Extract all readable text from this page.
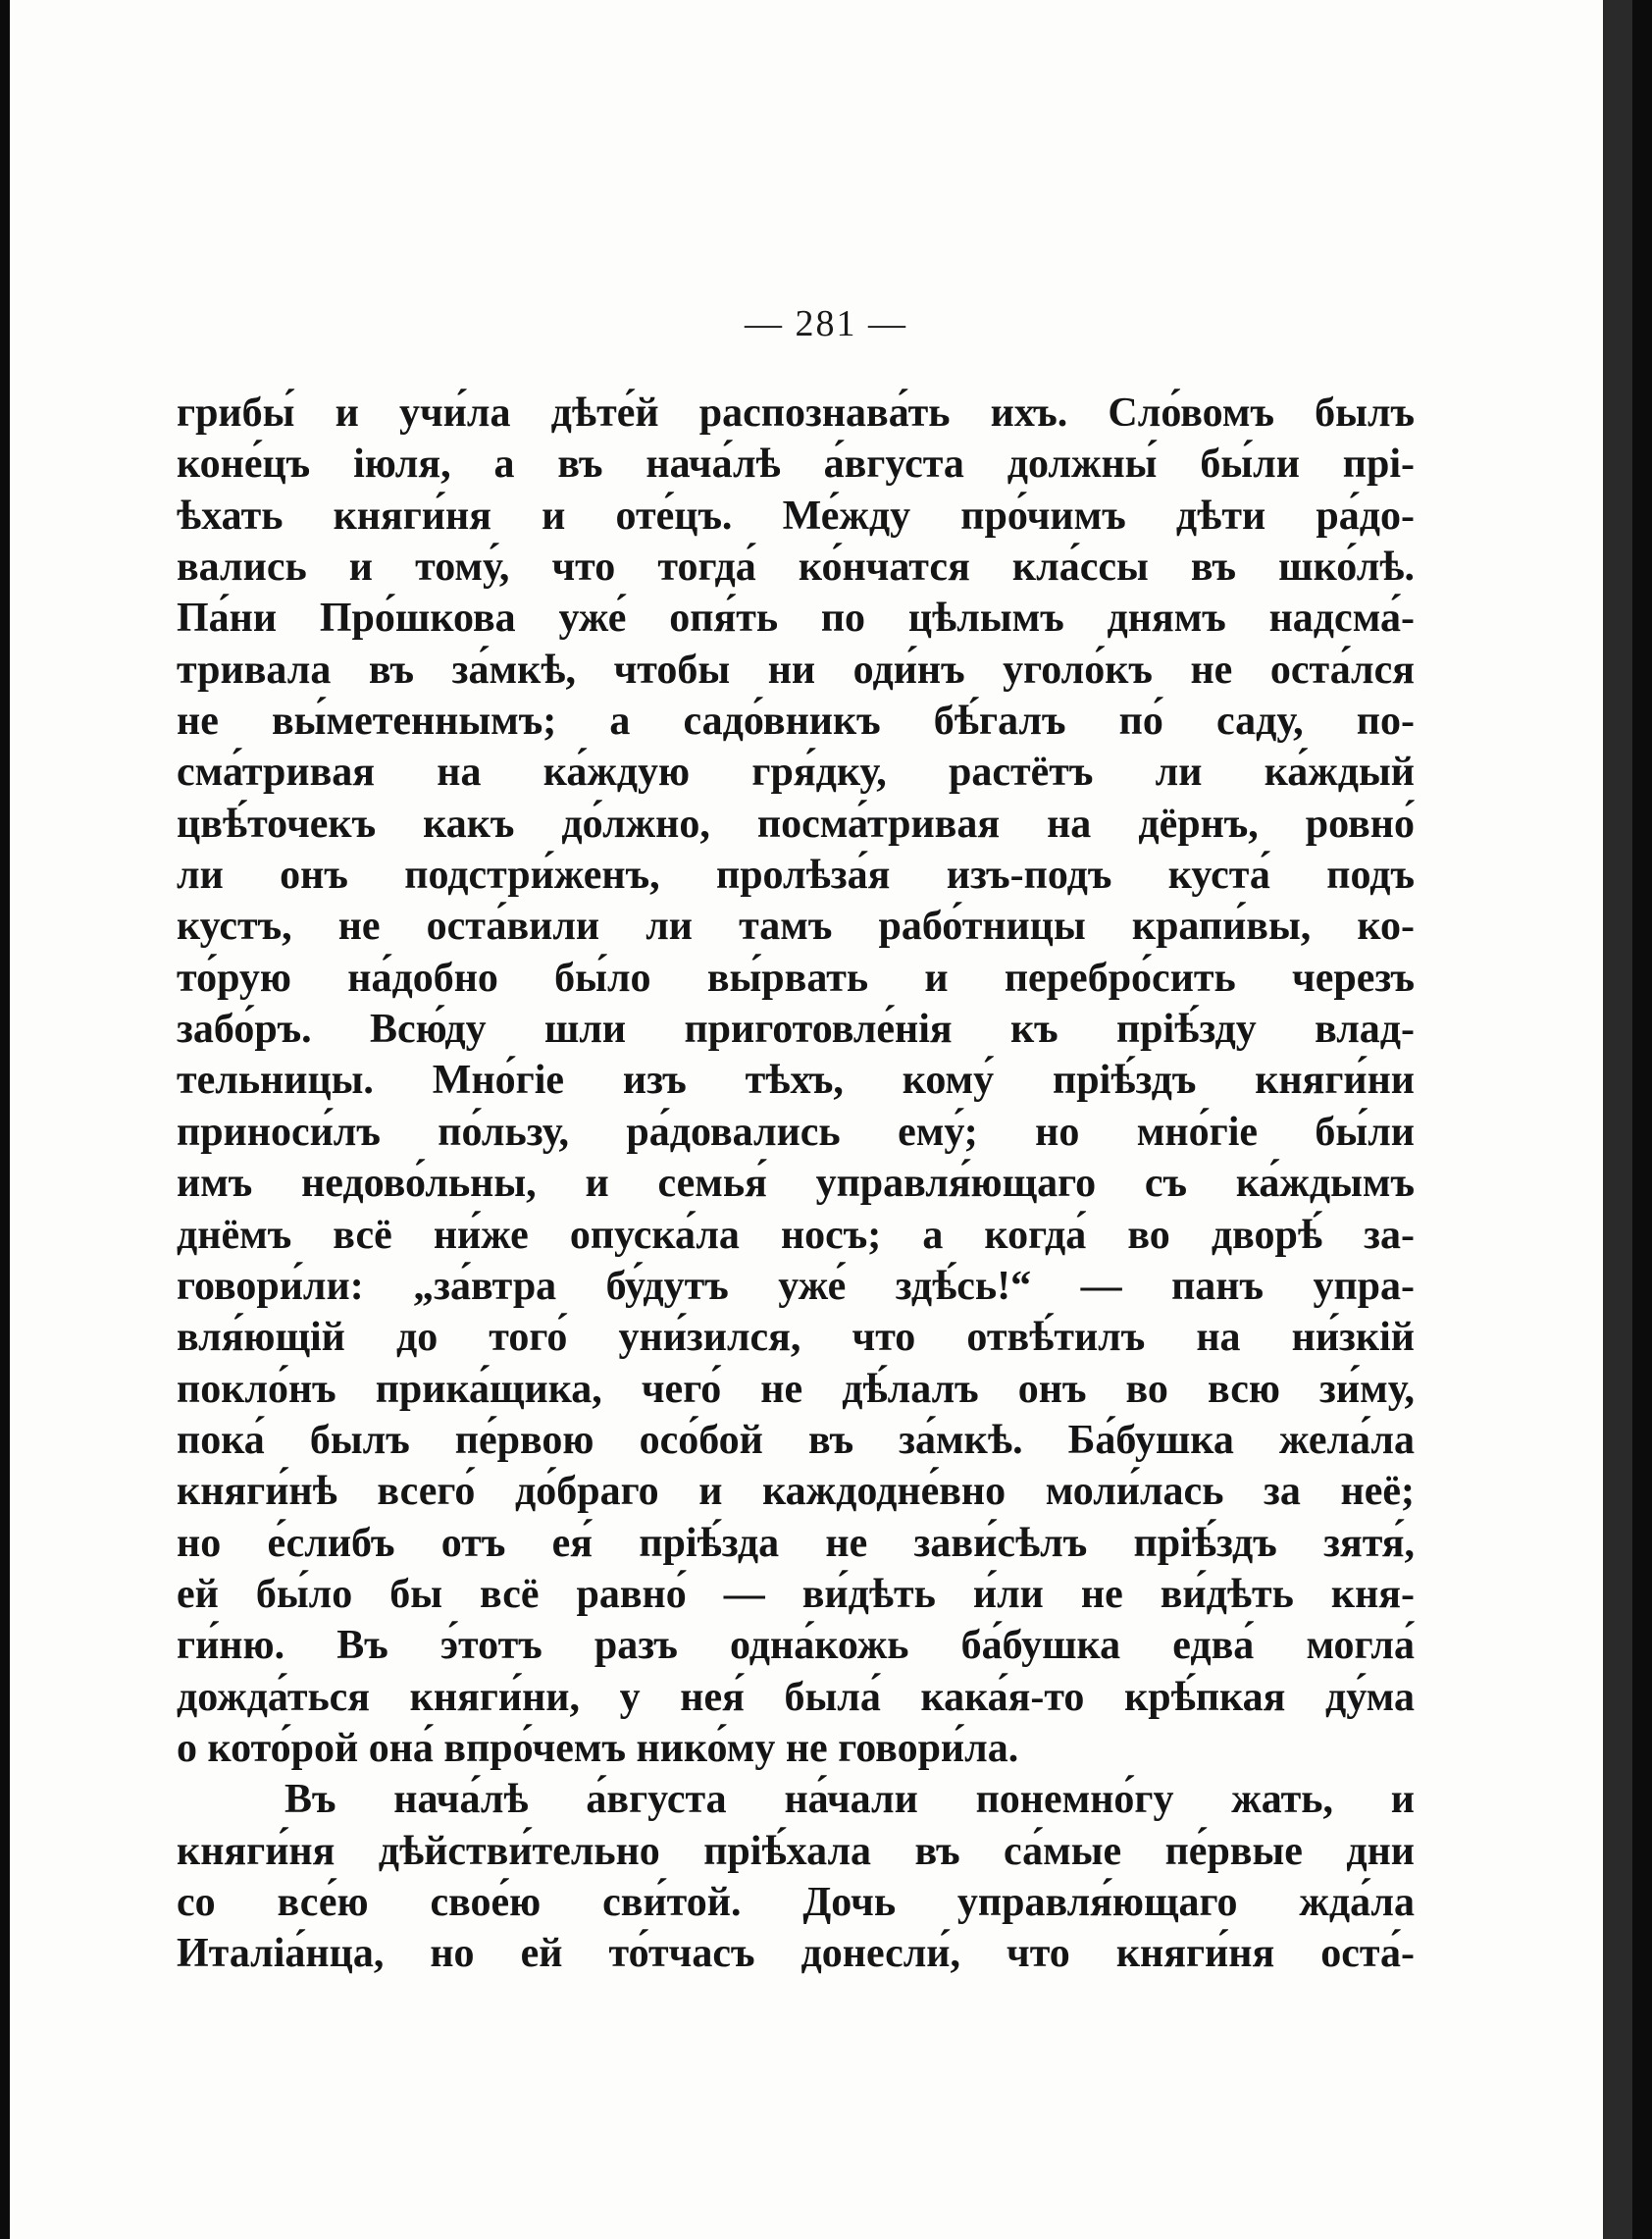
— 281 —
грибы́ и учи́ла дѣте́й распознава́ть ихъ. Сло́вомъ былъ
коне́цъ іюля, а въ нача́лѣ а́вгуста должны́ бы́ли прі-
ѣхать княги́ня и оте́цъ. Ме́жду про́чимъ дѣти ра́до-
вались и тому́, что тогда́ ко́нчатся кла́ссы въ шко́лѣ.
Па́ни Про́шкова уже́ опя́ть по цѣлымъ днямъ надсма́-
тривала въ за́мкѣ, чтобы ни оди́нъ уголо́къ не оста́лся
не вы́метеннымъ; а садо́вникъ бѣ́галъ по́ саду, по-
сма́тривая на ка́ждую гря́дку, растётъ ли ка́ждый
цвѣ́точекъ какъ до́лжно, посма́тривая на дёрнъ, ровно́
ли онъ подстри́женъ, пролѣза́я изъ-подъ куста́ подъ
кустъ, не оста́вили ли тамъ рабо́тницы крапи́вы, ко-
то́рую на́добно бы́ло вы́рвать и перебро́сить черезъ
забо́ръ. Всю́ду шли приготовле́нія къ пріѣ́зду влад-
тельницы. Мно́гіе изъ тѣхъ, кому́ пріѣ́здъ княги́ни
приноси́лъ по́льзу, ра́довались ему́; но мно́гіе бы́ли
имъ недово́льны, и семья́ управля́ющаго съ ка́ждымъ
днёмъ всё ни́же опуска́ла носъ; а когда́ во дворѣ́ за-
говори́ли: „за́втра бу́дутъ уже́ здѣ́сь!“ — панъ упра-
вля́ющій до того́ уни́зился, что отвѣ́тилъ на ни́зкій
покло́нъ прика́щика, чего́ не дѣ́лалъ онъ во всю зи́му,
пока́ былъ пе́рвою осо́бой въ за́мкѣ. Ба́бушка жела́ла
княги́нѣ всего́ до́браго и каждодне́вно моли́лась за неё;
но е́слибъ отъ ея́ пріѣ́зда не зави́сѣлъ пріѣ́здъ зятя́,
ей бы́ло бы всё равно́ — ви́дѣть и́ли не ви́дѣть кня-
ги́ню. Въ э́тотъ разъ одна́кожь ба́бушка едва́ могла́
дожда́ться княги́ни, у нея́ была́ кака́я-то крѣ́пкая ду́ма
о кото́рой она́ впро́чемъ нико́му не говори́ла.
Въ нача́лѣ а́вгуста на́чали понемно́гу жать, и
княги́ня дѣйстви́тельно пріѣ́хала въ са́мые пе́рвые дни
со все́ю свое́ю сви́той. Дочь управля́ющаго жда́ла
Италіа́нца, но ей то́тчасъ донесли́, что княги́ня оста́-
